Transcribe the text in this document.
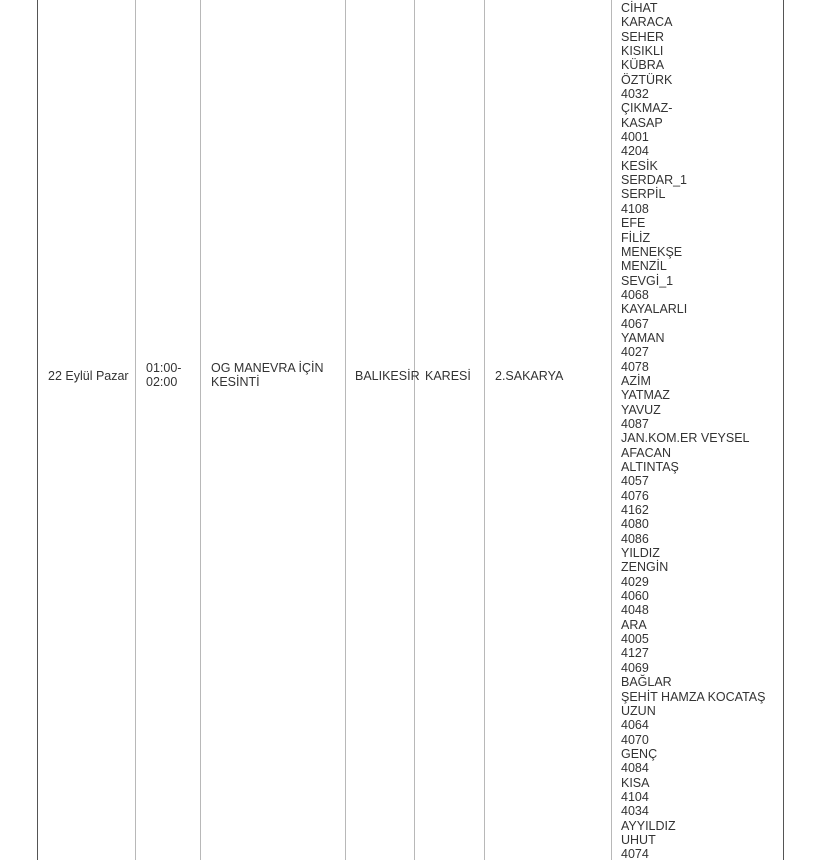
22 Eylül Pazar
01:00-
02:00
OG MANEVRA İÇİN
KESİNTİ	BALIKESİR KARESİ 2.SAKARYA
CİHAT
KARACA
SEHER
KISIKLI
KÜBRA
ÖZTÜRK
4032
ÇIKMAZ-
KASAP
4001
4204
KESİK
SERDAR_1
SERPİL
4108
EFE
FİLİZ
MENEKŞE
MENZİL
SEVGİ_1
4068
KAYALARLI
4067
YAMAN
4027
4078
AZİM
YATMAZ
YAVUZ
4087
JAN.KOM.ER VEYSEL
AFACAN
ALTINTAŞ
4057
4076
4162
4080
4086
YILDIZ
ZENGİN
4029
4060
4048
ARA
4005
4127
4069
BAĞLAR
ŞEHİT HAMZA KOCATAŞ
UZUN
4064
4070
GENÇ
4084
KISA
4104
4034
AYYILDIZ
UHUT
4074
